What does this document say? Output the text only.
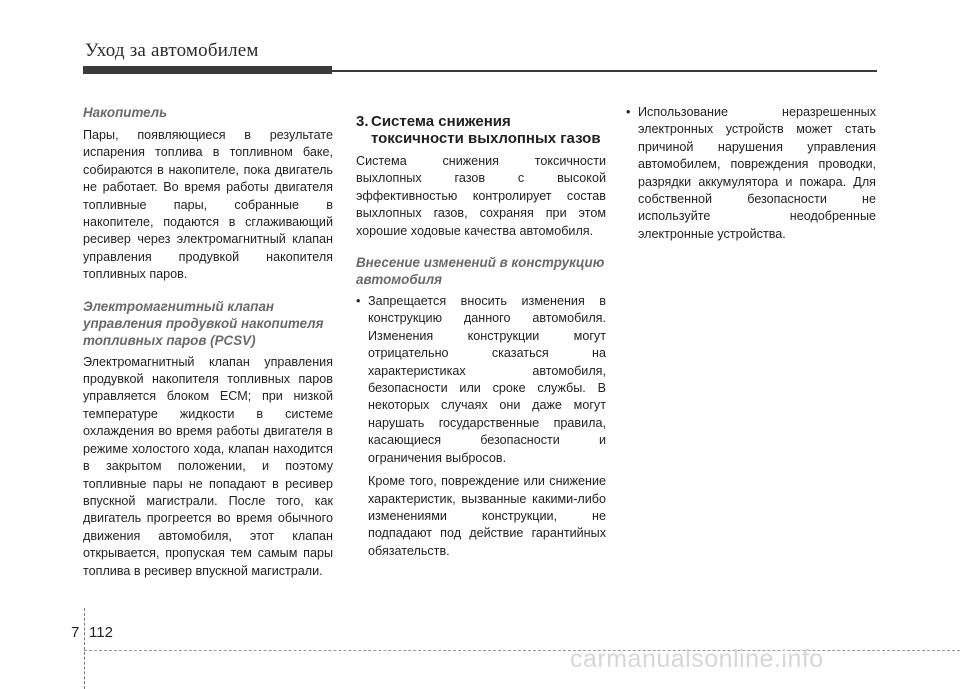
Уход за автомобилем

Накопитель

Пары, появляющиеся в результате испарения топлива в топливном баке, собираются в накопителе, пока двигатель не работает. Во время работы двигателя топливные пары, собранные в накопителе, подаются в сглаживающий ресивер через электромагнитный клапан управления продувкой накопителя топливных паров.

Электромагнитный клапан управления продувкой накопителя топливных паров (PCSV)

Электромагнитный клапан управления продувкой накопителя топливных паров управляется блоком ЕСМ; при низкой температуре жидкости в системе охлаждения во время работы двигателя в режиме холостого хода, клапан находится в закрытом положении, и поэтому топливные пары не попадают в ресивер впускной магистрали. После того, как двигатель прогреется во время обычного движения автомобиля, этот клапан открывается, пропуская тем самым пары топлива в ресивер впускной магистрали.

3. Система снижения токсичности выхлопных газов

Система снижения токсичности выхлопных газов с высокой эффективностью контролирует состав выхлопных газов, сохраняя при этом хорошие ходовые качества автомобиля.

Внесение изменений в конструкцию автомобиля

• Запрещается вносить изменения в конструкцию данного автомобиля. Изменения конструкции могут отрицательно сказаться на характеристиках автомобиля, безопасности или сроке службы. В некоторых случаях они даже могут нарушать государственные правила, касающиеся безопасности и ограничения выбросов.

Кроме того, повреждение или снижение характеристик, вызванные какими-либо изменениями конструкции, не подпадают под действие гарантийных обязательств.

• Использование неразрешенных электронных устройств может стать причиной нарушения управления автомобилем, повреждения проводки, разрядки аккумулятора и пожара. Для собственной безопасности не используйте неодобренные электронные устройства.

7 112
carmanualsonline.info
